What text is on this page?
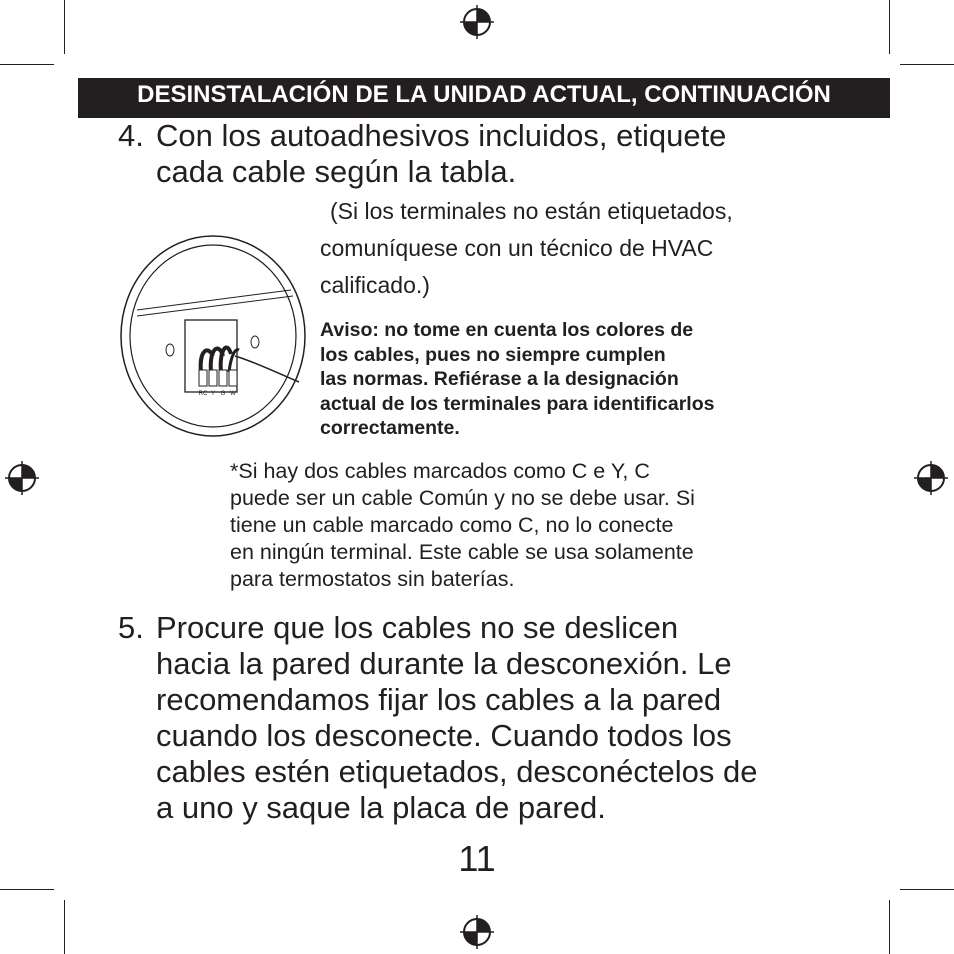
DESINSTALACIÓN DE LA UNIDAD ACTUAL, CONTINUACIÓN
4. Con los autoadhesivos incluidos, etiquete
cada cable según la tabla.
RC Y G W
(Si los terminales no están etiquetados,
comuníquese con un técnico de HVAC
calificado.)
Aviso: no tome en cuenta los colores de
los cables, pues no siempre cumplen
las normas. Refiérase a la designación
actual de los terminales para identificarlos
correctamente.
*Si hay dos cables marcados como C e Y, C
puede ser un cable Común y no se debe usar. Si
tiene un cable marcado como C, no lo conecte
en ningún terminal. Este cable se usa solamente
para termostatos sin baterías.
5. Procure que los cables no se deslicen
hacia la pared durante la desconexión. Le
recomendamos fijar los cables a la pared
cuando los desconecte. Cuando todos los
cables estén etiquetados, desconéctelos de
a uno y saque la placa de pared.
11
